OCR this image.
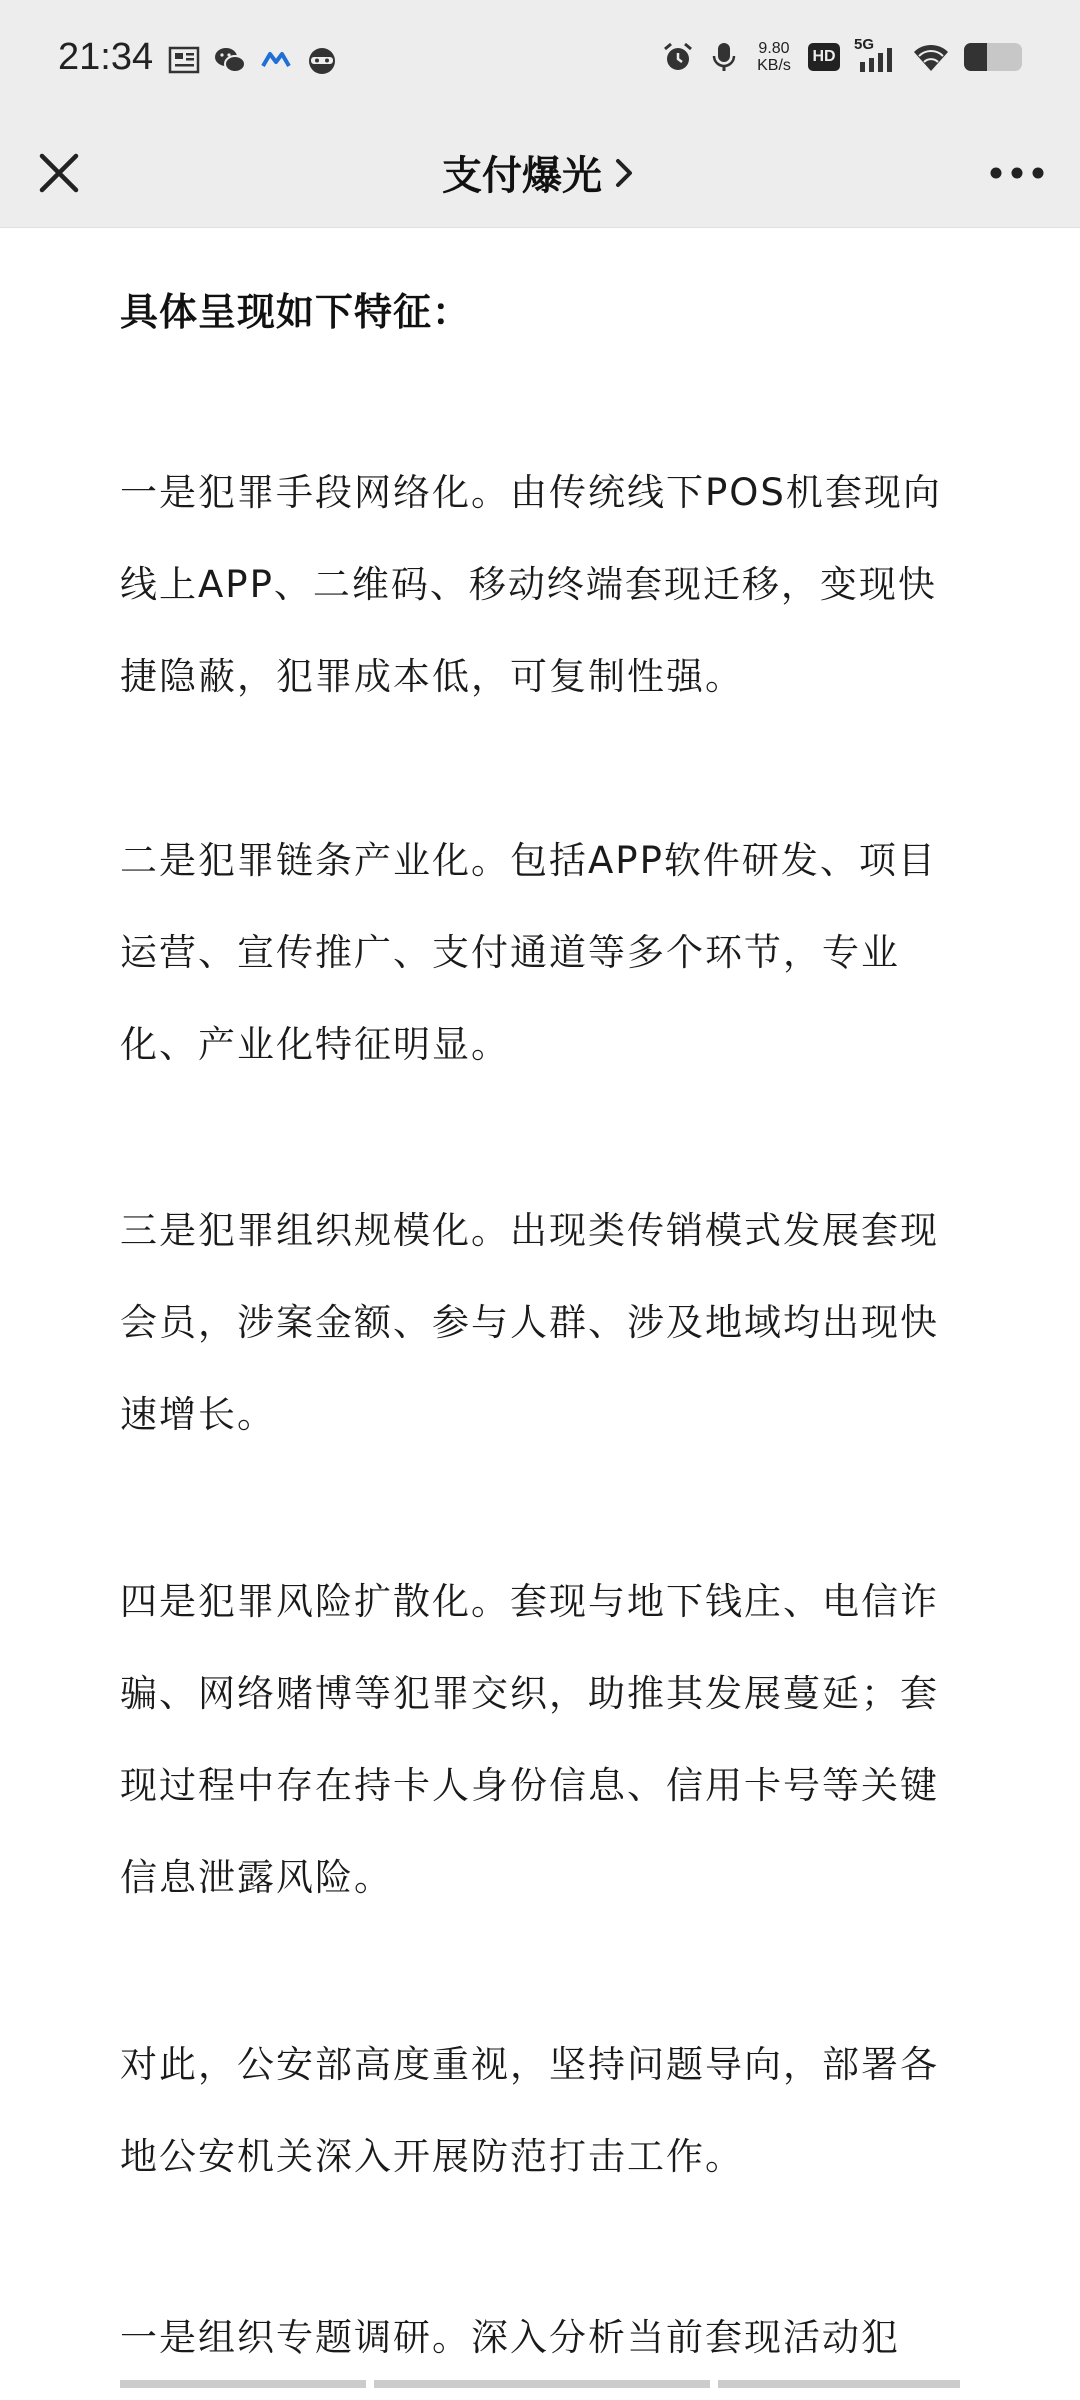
21:34	9.80
KB/s
HD
5G
支付爆光
具体呈现如下特征：

一是犯罪手段网络化。由传统线下POS机套现向线上APP、二维码、移动终端套现迁移，变现快捷隐蔽，犯罪成本低，可复制性强。

二是犯罪链条产业化。包括APP软件研发、项目运营、宣传推广、支付通道等多个环节，专业化、产业化特征明显。

三是犯罪组织规模化。出现类传销模式发展套现会员，涉案金额、参与人群、涉及地域均出现快速增长。

四是犯罪风险扩散化。套现与地下钱庄、电信诈骗、网络赌博等犯罪交织，助推其发展蔓延；套现过程中存在持卡人身份信息、信用卡号等关键信息泄露风险。

对此，公安部高度重视，坚持问题导向，部署各地公安机关深入开展防范打击工作。

一是组织专题调研。深入分析当前套现活动犯
